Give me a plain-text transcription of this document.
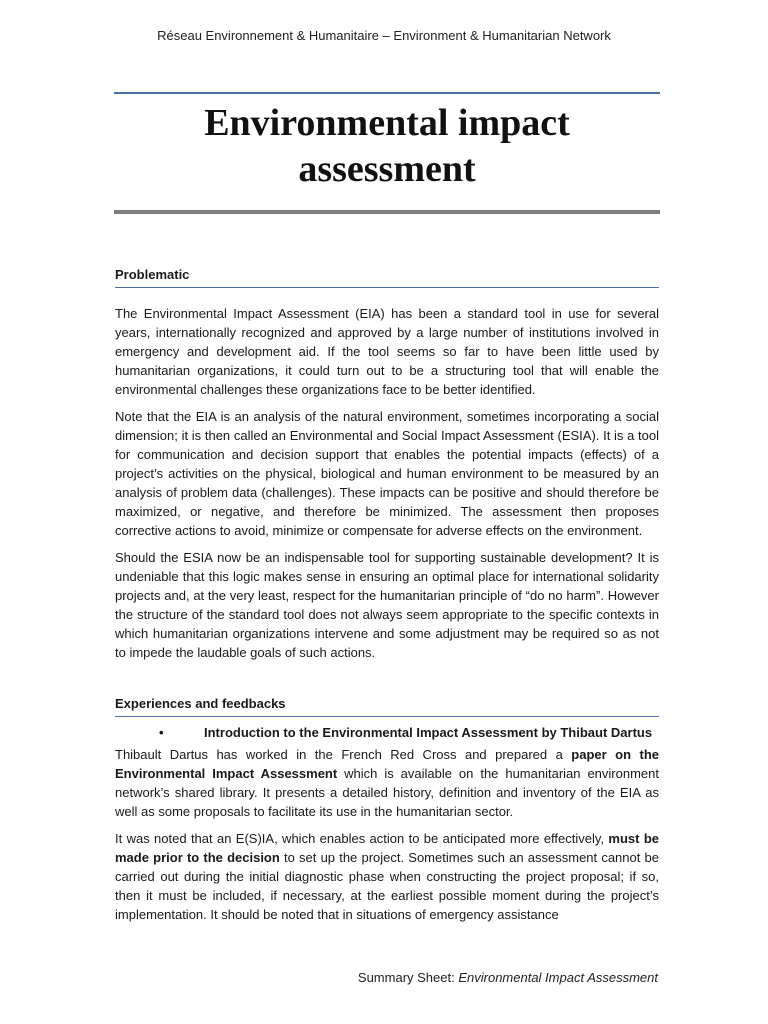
Réseau Environnement & Humanitaire – Environment & Humanitarian Network
Environmental impact
assessment
Problematic

The Environmental Impact Assessment (EIA) has been a standard tool in use for several years, internationally recognized and approved by a large number of institutions involved in emergency and development aid. If the tool seems so far to have been little used by humanitarian organizations, it could turn out to be a structuring tool that will enable the environmental challenges these organizations face to be better identified.

Note that the EIA is an analysis of the natural environment, sometimes incorporating a social dimension; it is then called an Environmental and Social Impact Assessment (ESIA). It is a tool for communication and decision support that enables the potential impacts (effects) of a project’s activities on the physical, biological and human environment to be measured by an analysis of problem data (challenges). These impacts can be positive and should therefore be maximized, or negative, and therefore be minimized. The assessment then proposes corrective actions to avoid, minimize or compensate for adverse effects on the environment.

Should the ESIA now be an indispensable tool for supporting sustainable development? It is undeniable that this logic makes sense in ensuring an optimal place for international solidarity projects and, at the very least, respect for the humanitarian principle of “do no harm”. However the structure of the standard tool does not always seem appropriate to the specific contexts in which humanitarian organizations intervene and some adjustment may be required so as not to impede the laudable goals of such actions.

Experiences and feedbacks
•	Introduction to the Environmental Impact Assessment by Thibaut Dartus

Thibault Dartus has worked in the French Red Cross and prepared a paper on the Environmental Impact Assessment which is available on the humanitarian environment network’s shared library. It presents a detailed history, definition and inventory of the EIA as well as some proposals to facilitate its use in the humanitarian sector.

It was noted that an E(S)IA, which enables action to be anticipated more effectively, must be made prior to the decision to set up the project. Sometimes such an assessment cannot be carried out during the initial diagnostic phase when constructing the project proposal; if so, then it must be included, if necessary, at the earliest possible moment during the project’s implementation. It should be noted that in situations of emergency assistance

Summary Sheet: Environmental Impact Assessment
